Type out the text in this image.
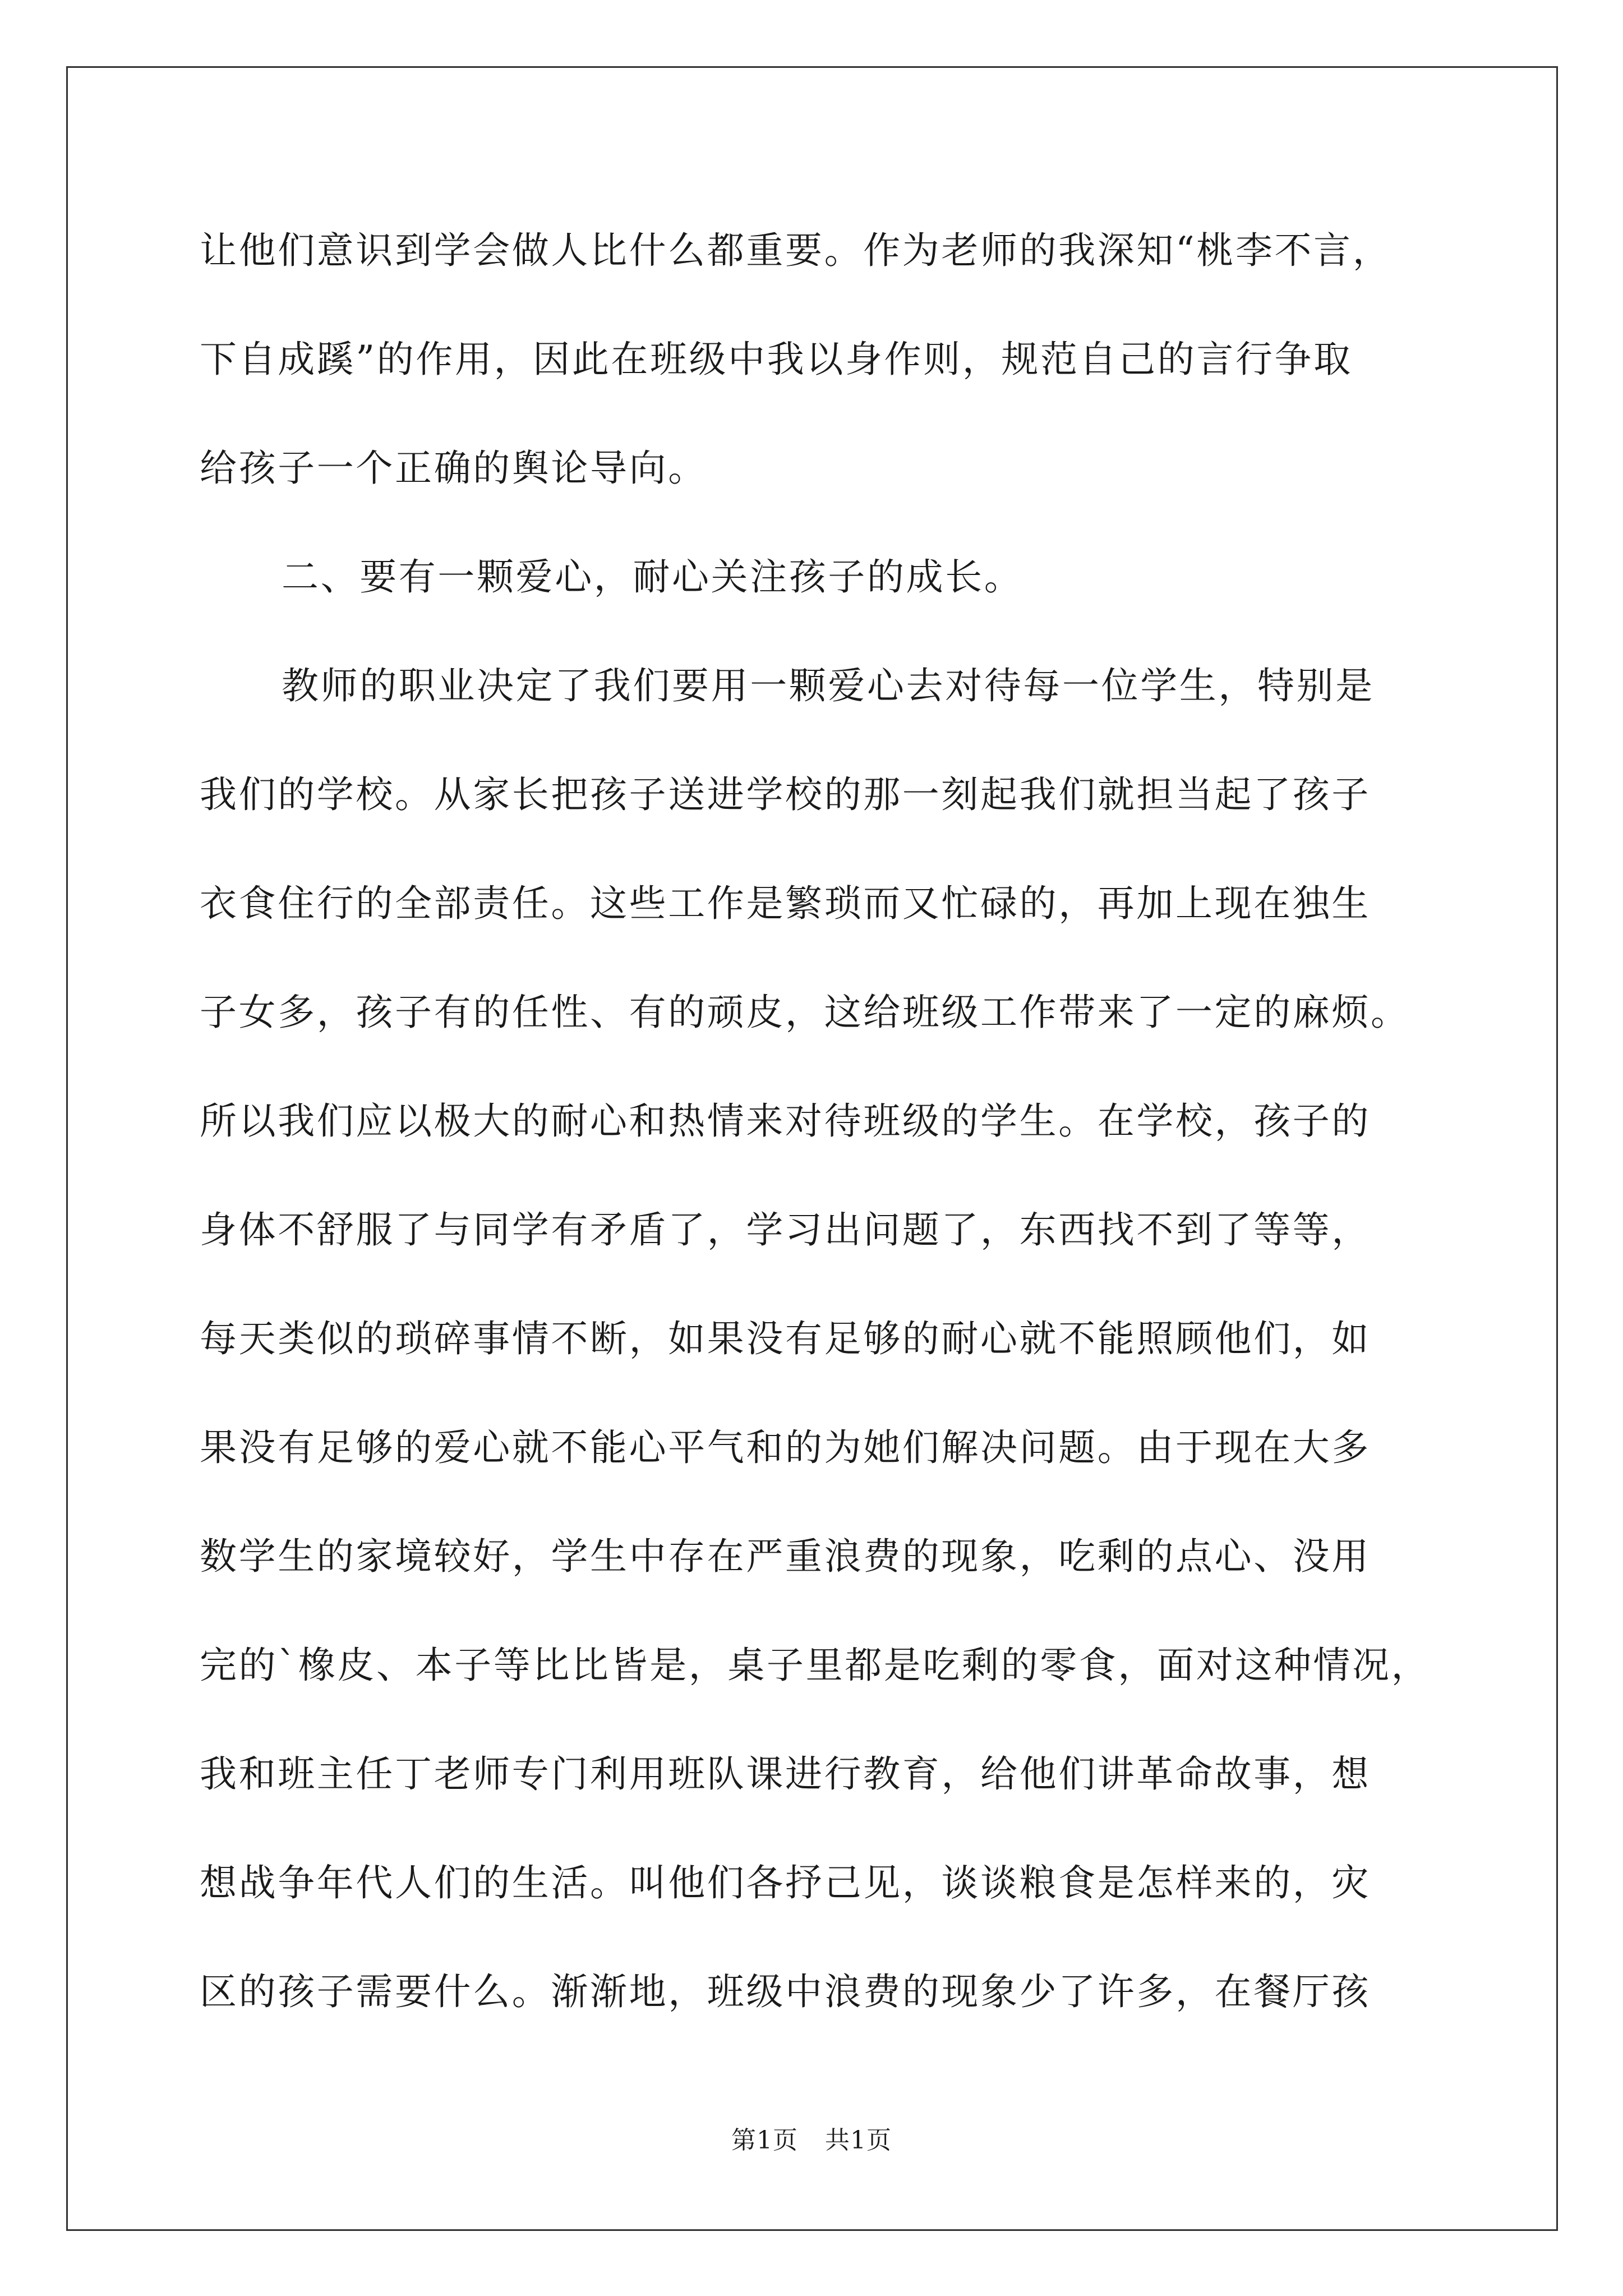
让他们意识到学会做人比什么都重要。作为老师的我深知“桃李不言，
下自成蹊”的作用，因此在班级中我以身作则，规范自己的言行争取
给孩子一个正确的舆论导向。
二、要有一颗爱心，耐心关注孩子的成长。
教师的职业决定了我们要用一颗爱心去对待每一位学生，特别是
我们的学校。从家长把孩子送进学校的那一刻起我们就担当起了孩子
衣食住行的全部责任。这些工作是繁琐而又忙碌的，再加上现在独生
子女多，孩子有的任性、有的顽皮，这给班级工作带来了一定的麻烦。
所以我们应以极大的耐心和热情来对待班级的学生。在学校，孩子的
身体不舒服了与同学有矛盾了，学习出问题了，东西找不到了等等，
每天类似的琐碎事情不断，如果没有足够的耐心就不能照顾他们，如
果没有足够的爱心就不能心平气和的为她们解决问题。由于现在大多
数学生的家境较好，学生中存在严重浪费的现象，吃剩的点心、没用
完的`橡皮、本子等比比皆是，桌子里都是吃剩的零食，面对这种情况，
我和班主任丁老师专门利用班队课进行教育，给他们讲革命故事，想
想战争年代人们的生活。叫他们各抒己见，谈谈粮食是怎样来的，灾
区的孩子需要什么。渐渐地，班级中浪费的现象少了许多，在餐厅孩
第1页 共1页
